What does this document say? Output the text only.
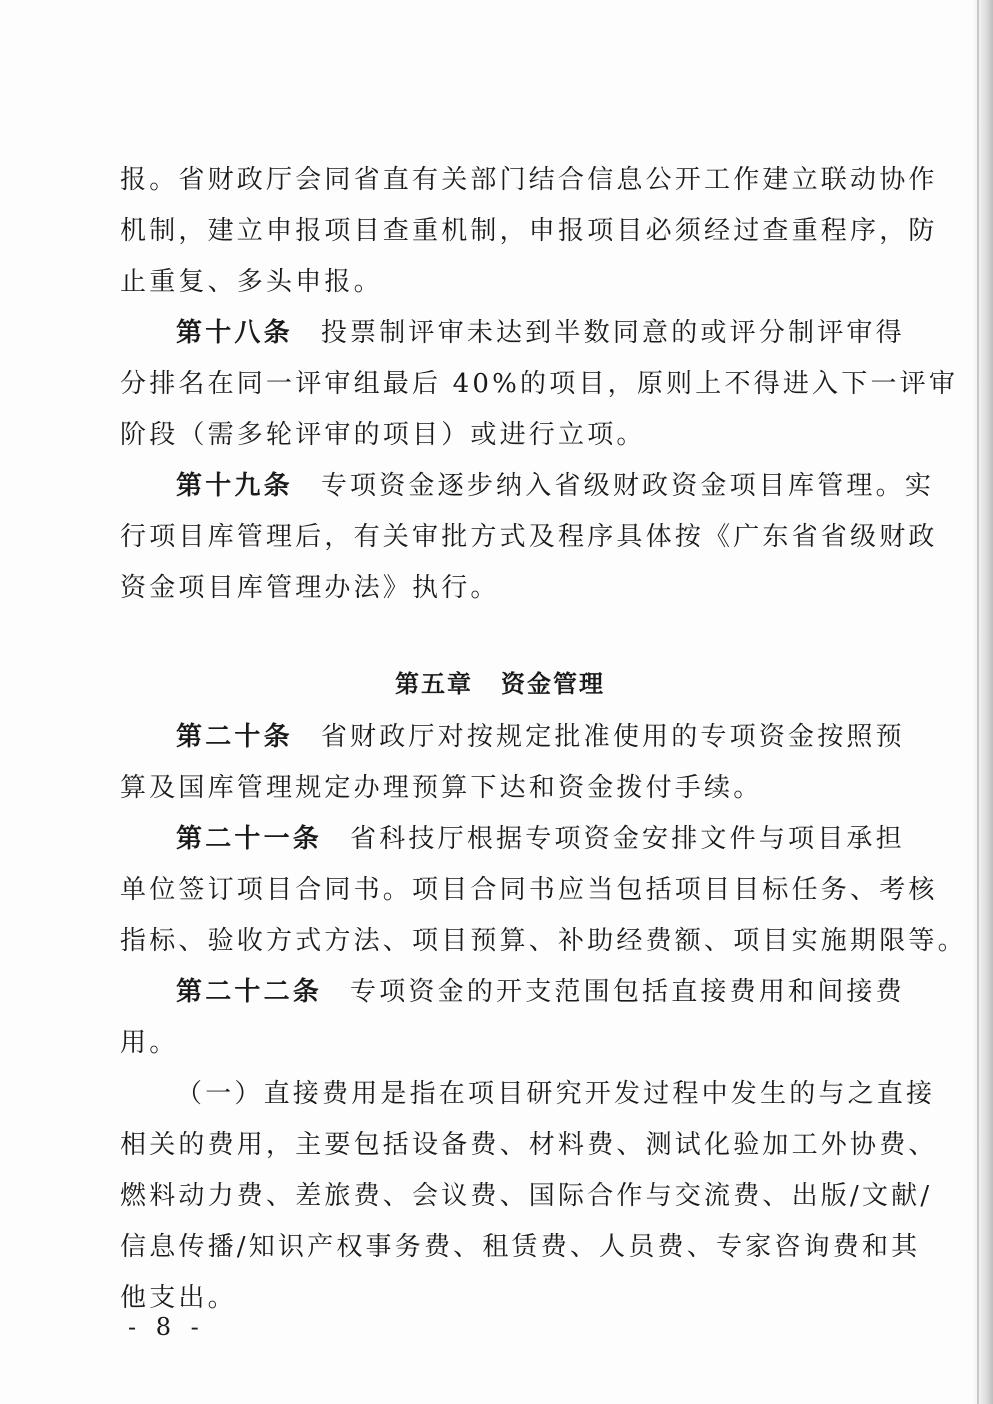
报。省财政厅会同省直有关部门结合信息公开工作建立联动协作
机制，建立申报项目查重机制，申报项目必须经过查重程序，防
止重复、多头申报。
第十八条 投票制评审未达到半数同意的或评分制评审得
分排名在同一评审组最后 40%的项目，原则上不得进入下一评审
阶段（需多轮评审的项目）或进行立项。
第十九条 专项资金逐步纳入省级财政资金项目库管理。实
行项目库管理后，有关审批方式及程序具体按《广东省省级财政
资金项目库管理办法》执行。
第五章 资金管理
第二十条 省财政厅对按规定批准使用的专项资金按照预
算及国库管理规定办理预算下达和资金拨付手续。
第二十一条 省科技厅根据专项资金安排文件与项目承担
单位签订项目合同书。项目合同书应当包括项目目标任务、考核
指标、验收方式方法、项目预算、补助经费额、项目实施期限等。
第二十二条 专项资金的开支范围包括直接费用和间接费
用。
（一）直接费用是指在项目研究开发过程中发生的与之直接
相关的费用，主要包括设备费、材料费、测试化验加工外协费、
燃料动力费、差旅费、会议费、国际合作与交流费、出版/文献/
信息传播/知识产权事务费、租赁费、人员费、专家咨询费和其
他支出。
- 8 -
